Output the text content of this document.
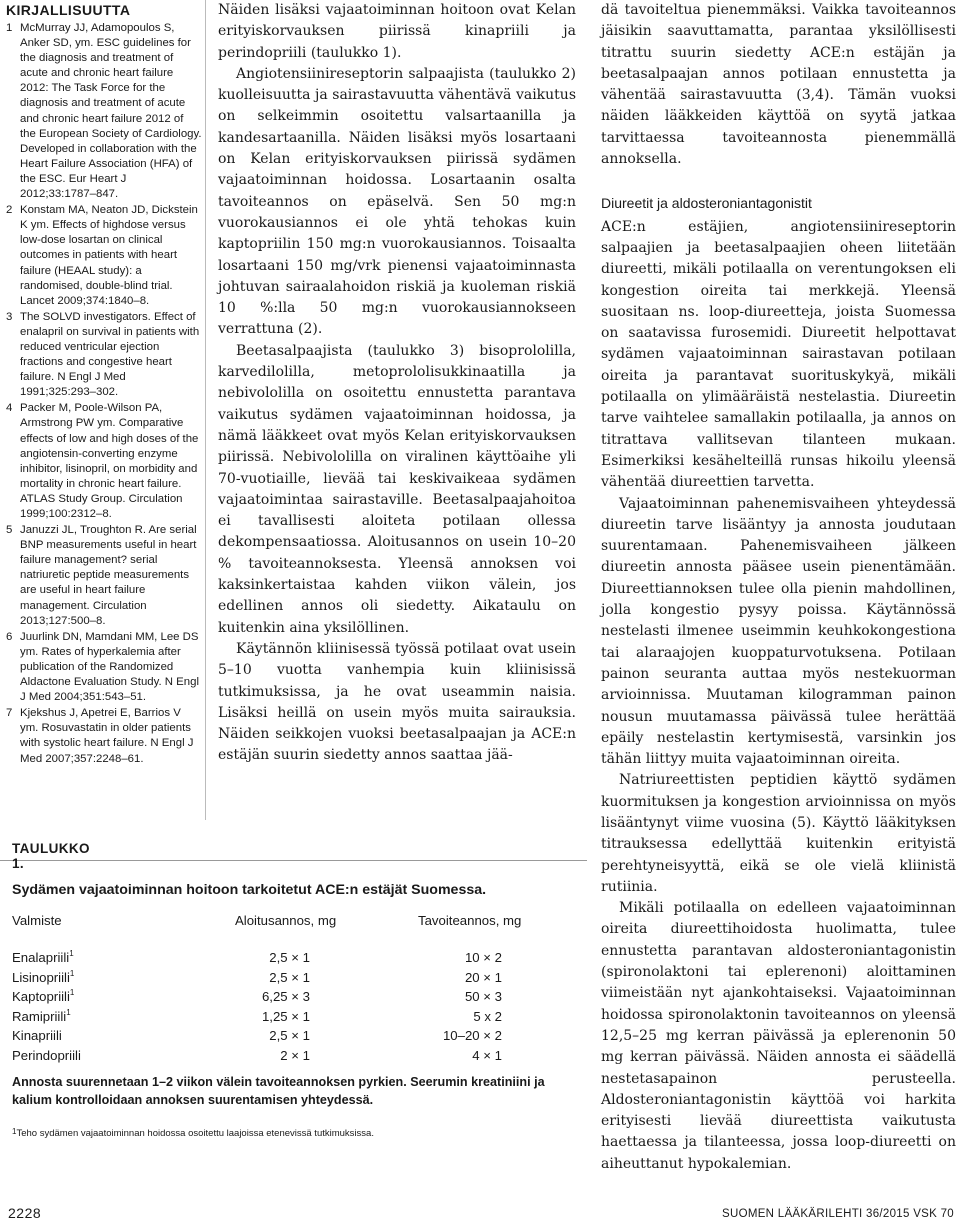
KIRJALLISUUTTA
1 McMurray JJ, Adamopoulos S, Anker SD, ym. ESC guidelines for the diagnosis and treatment of acute and chronic heart failure 2012: The Task Force for the diagnosis and treatment of acute and chronic heart failure 2012 of the European Society of Cardiology. Developed in collaboration with the Heart Failure Association (HFA) of the ESC. Eur Heart J 2012;33:1787–847.
2 Konstam MA, Neaton JD, Dickstein K ym. Effects of highdose versus low-dose losartan on clinical outcomes in patients with heart failure (HEAAL study): a randomised, double-blind trial. Lancet 2009;374:1840–8.
3 The SOLVD investigators. Effect of enalapril on survival in patients with reduced ventricular ejection fractions and congestive heart failure. N Engl J Med 1991;325:293–302.
4 Packer M, Poole-Wilson PA, Armstrong PW ym. Comparative effects of low and high doses of the angiotensin-converting enzyme inhibitor, lisinopril, on morbidity and mortality in chronic heart failure. ATLAS Study Group. Circulation 1999;100:2312–8.
5 Januzzi JL, Troughton R. Are serial BNP measurements useful in heart failure management? serial natriuretic peptide measurements are useful in heart failure management. Circulation 2013;127:500–8.
6 Juurlink DN, Mamdani MM, Lee DS ym. Rates of hyperkalemia after publication of the Randomized Aldactone Evaluation Study. N Engl J Med 2004;351:543–51.
7 Kjekshus J, Apetrei E, Barrios V ym. Rosuvastatin in older patients with systolic heart failure. N Engl J Med 2007;357:2248–61.

Näiden lisäksi vajaatoiminnan hoitoon ovat Kelan erityiskorvauksen piirissä kinapriili ja perindopriili (taulukko 1).

Angiotensiinireseptorin salpaajista (taulukko 2) kuolleisuutta ja sairastavuutta vähentävä vaikutus on selkeimmin osoitettu valsartaanilla ja kandesartaanilla. Näiden lisäksi myös losartaani on Kelan erityiskorvauksen piirissä sydämen vajaatoiminnan hoidossa. Losartaanin osalta tavoiteannos on epäselvä. Sen 50 mg:n vuorokausiannos ei ole yhtä tehokas kuin kaptopriilin 150 mg:n vuorokausiannos. Toisaalta losartaani 150 mg/vrk pienensi vajaatoiminnasta johtuvan sairaalahoidon riskiä ja kuoleman riskiä 10 %:lla 50 mg:n vuorokausiannokseen verrattuna (2).

Beetasalpaajista (taulukko 3) bisoprololilla, karvedilolilla, metoprololisukkinaatilla ja nebivololilla on osoitettu ennustetta parantava vaikutus sydämen vajaatoiminnan hoidossa, ja nämä lääkkeet ovat myös Kelan erityiskorvauksen piirissä. Nebivololilla on viralinen käyttöaihe yli 70-vuotiaille, lievää tai keskivaikeaa sydämen vajaatoimintaa sairastaville. Beetasalpaajahoitoa ei tavallisesti aloiteta potilaan ollessa dekompensaatiossa. Aloitusannos on usein 10–20 % tavoiteannoksesta. Yleensä annoksen voi kaksinkertaistaa kahden viikon välein, jos edellinen annos oli siedetty. Aikataulu on kuitenkin aina yksilöllinen.

Käytännön kliinisessä työssä potilaat ovat usein 5–10 vuotta vanhempia kuin kliinisissä tutkimuksissa, ja he ovat useammin naisia. Lisäksi heillä on usein myös muita sairauksia. Näiden seikkojen vuoksi beetasalpaajan ja ACE:n estäjän suurin siedetty annos saattaa jää-

dä tavoiteltua pienemmäksi. Vaikka tavoiteannos jäisikin saavuttamatta, parantaa yksilöllisesti titrattu suurin siedetty ACE:n estäjän ja beetasalpaajan annos potilaan ennustetta ja vähentää sairastavuutta (3,4). Tämän vuoksi näiden lääkkeiden käyttöä on syytä jatkaa tarvittaessa tavoiteannosta pienemmällä annoksella.

Diureetit ja aldosteroniantagonistit

ACE:n estäjien, angiotensiinireseptorin salpaajien ja beetasalpaajien oheen liitetään diureetti, mikäli potilaalla on verentungoksen eli kongestion oireita tai merkkejä. Yleensä suositaan ns. loop-diureetteja, joista Suomessa on saatavissa furosemidi. Diureetit helpottavat sydämen vajaatoiminnan sairastavan potilaan oireita ja parantavat suorituskykyä, mikäli potilaalla on ylimääräistä nestelastia. Diureetin tarve vaihtelee samallakin potilaalla, ja annos on titrattava vallitsevan tilanteen mukaan. Esimerkiksi kesähelteillä runsas hikoilu yleensä vähentää diureettien tarvetta.

Vajaatoiminnan pahenemisvaiheen yhteydessä diureetin tarve lisääntyy ja annosta joudutaan suurentamaan. Pahenemisvaiheen jälkeen diureetin annosta pääsee usein pienentämään. Diureettiannoksen tulee olla pienin mahdollinen, jolla kongestio pysyy poissa. Käytännössä nestelasti ilmenee useimmin keuhkokongestiona tai alaraajojen kuoppaturvotuksena. Potilaan painon seuranta auttaa myös nestekuorman arvioinnissa. Muutaman kilogramman painon nousun muutamassa päivässä tulee herättää epäily nestelastin kertymisestä, varsinkin jos tähän liittyy muita vajaatoiminnan oireita.

Natriureettisten peptidien käyttö sydämen kuormituksen ja kongestion arvioinnissa on myös lisääntynyt viime vuosina (5). Käyttö lääkityksen titrauksessa edellyttää kuitenkin erityistä perehtyneisyyttä, eikä se ole vielä kliinistä rutiinia.

Mikäli potilaalla on edelleen vajaatoiminnan oireita diureettihoidosta huolimatta, tulee ennustetta parantavan aldosteroniantagonistin (spironolaktoni tai eplerenoni) aloittaminen viimeistään nyt ajankohtaiseksi. Vajaatoiminnan hoidossa spironolaktonin tavoiteannos on yleensä 12,5–25 mg kerran päivässä ja eplerenonin 50 mg kerran päivässä. Näiden annosta ei säädellä nestetasapainon perusteella. Aldosteroniantagonistin käyttöä voi harkita erityisesti lievää diureettista vaikutusta haettaessa ja tilanteessa, jossa loop-diureetti on aiheuttanut hypokalemian.

TAULUKKO 1.
Sydämen vajaatoiminnan hoitoon tarkoitetut ACE:n estäjät Suomessa.
Valmiste	Aloitusannos, mg	Tavoiteannos, mg
Enalapriili$^1$	2,5 × 1	10 × 2
Lisinopriili$^1$	2,5 × 1	20 × 1
Kaptopriili$^1$	6,25 × 3	50 × 3
Ramipriili$^1$	1,25 × 1	5 x 2
Kinapriili	2,5 × 1	10–20 × 2
Perindopriili	2 × 1	4 × 1
Annosta suurennetaan 1–2 viikon välein tavoiteannoksen pyrkien. Seerumin kreatiniini ja kalium kontrolloidaan annoksen suurentamisen yhteydessä.
$^1$Teho sydämen vajaatoiminnan hoidossa osoitettu laajoissa etenevissä tutkimuksissa.
2228	SUOMEN LÄÄKÄRILEHTI 36/2015 VSK 70
